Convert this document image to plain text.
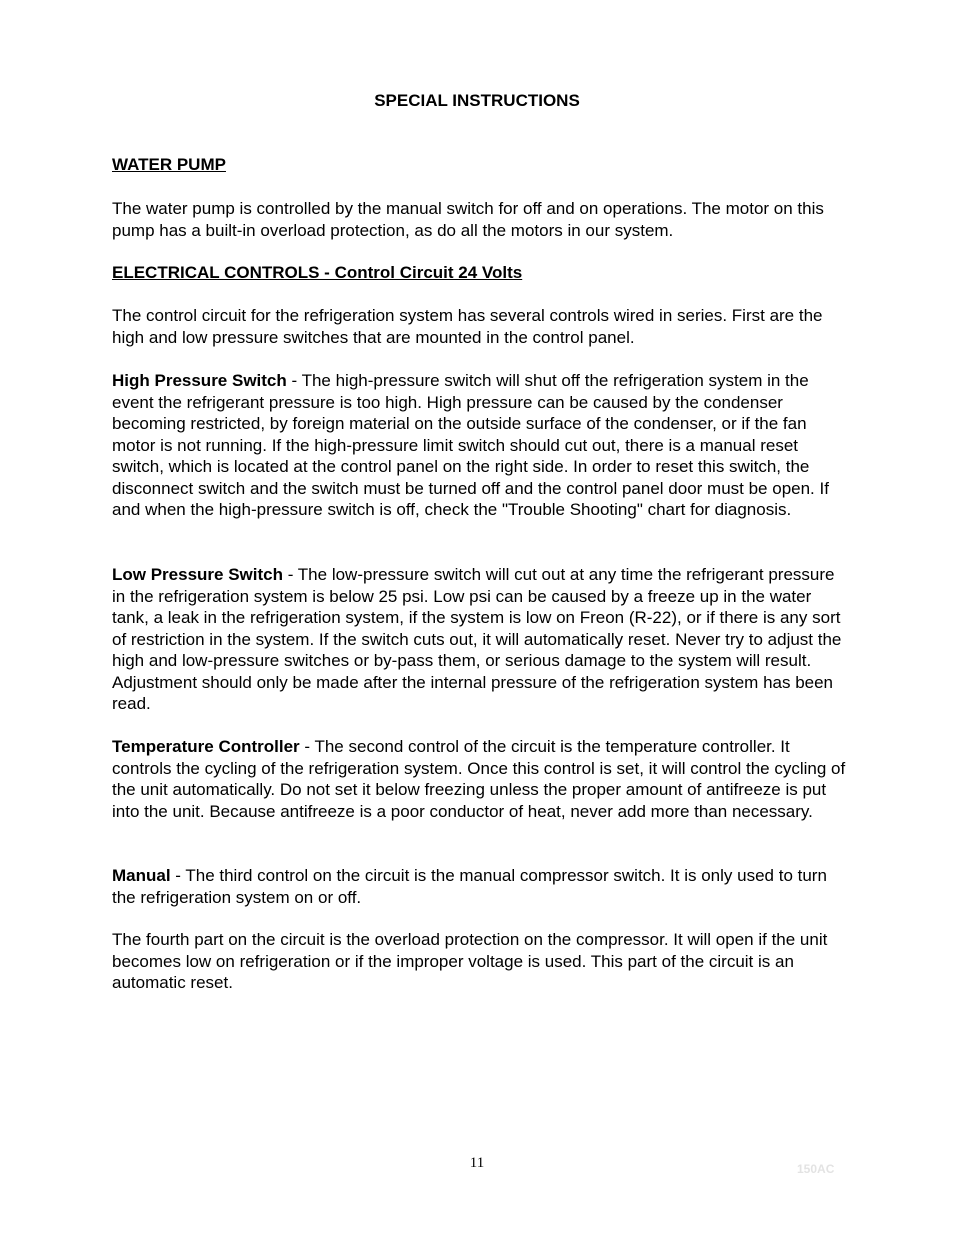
SPECIAL INSTRUCTIONS
WATER PUMP

The water pump is controlled by the manual switch for off and on operations. The motor on this pump has a built-in overload protection, as do all the motors in our system.

ELECTRICAL CONTROLS - Control Circuit 24 Volts

The control circuit for the refrigeration system has several controls wired in series. First are the high and low pressure switches that are mounted in the control panel.

High Pressure Switch - The high-pressure switch will shut off the refrigeration system in the event the refrigerant pressure is too high. High pressure can be caused by the condenser becoming restricted, by foreign material on the outside surface of the condenser, or if the fan motor is not running. If the high-pressure limit switch should cut out, there is a manual reset switch, which is located at the control panel on the right side. In order to reset this switch, the disconnect switch and the switch must be turned off and the control panel door must be open. If and when the high-pressure switch is off, check the "Trouble Shooting" chart for diagnosis.

Low Pressure Switch - The low-pressure switch will cut out at any time the refrigerant pressure in the refrigeration system is below 25 psi. Low psi can be caused by a freeze up in the water tank, a leak in the refrigeration system, if the system is low on Freon (R-22), or if there is any sort of restriction in the system. If the switch cuts out, it will automatically reset. Never try to adjust the high and low-pressure switches or by-pass them, or serious damage to the system will result. Adjustment should only be made after the internal pressure of the refrigeration system has been read.

Temperature Controller - The second control of the circuit is the temperature controller. It controls the cycling of the refrigeration system. Once this control is set, it will control the cycling of the unit automatically. Do not set it below freezing unless the proper amount of antifreeze is put into the unit. Because antifreeze is a poor conductor of heat, never add more than necessary.

Manual - The third control on the circuit is the manual compressor switch. It is only used to turn the refrigeration system on or off.

The fourth part on the circuit is the overload protection on the compressor. It will open if the unit becomes low on refrigeration or if the improper voltage is used. This part of the circuit is an automatic reset.

11	150AC
